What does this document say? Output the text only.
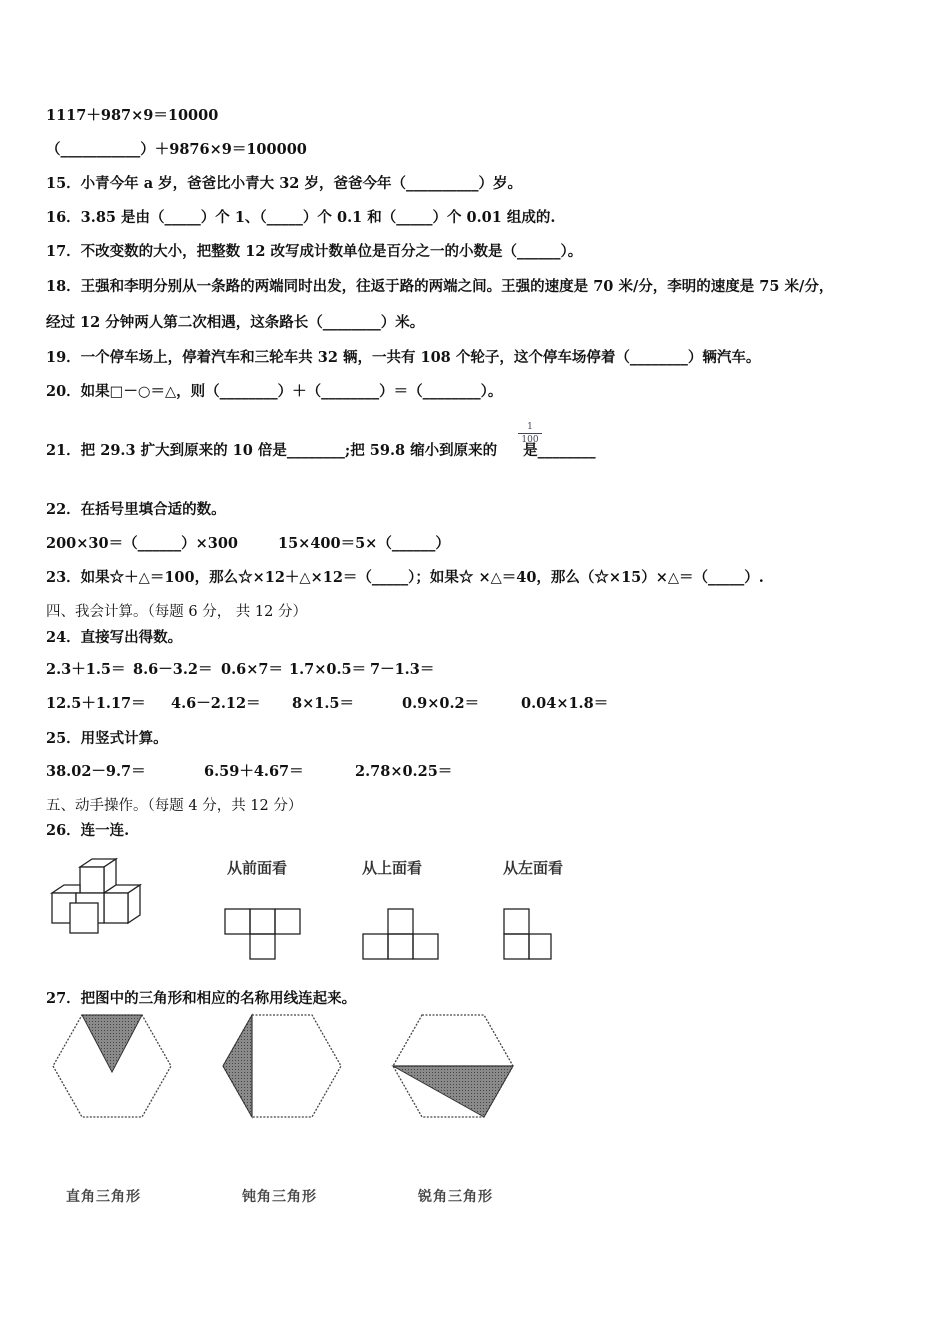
1117＋987×9＝10000
（___________）＋9876×9＝100000
15．小青今年 a 岁，爸爸比小青大 32 岁，爸爸今年（__________）岁。
16．3.85 是由（_____）个 1、（_____）个 0.1 和（_____）个 0.01 组成的.
17．不改变数的大小，把整数 12 改写成计数单位是百分之一的小数是（______）。
18．王强和李明分别从一条路的两端同时出发，往返于路的两端之间。王强的速度是 70 米/分，李明的速度是 75 米/分，
经过 12 分钟两人第二次相遇，这条路长（________）米。
19．一个停车场上，停着汽车和三轮车共 32 辆，一共有 108 个轮子，这个停车场停着（________）辆汽车。
20．如果□－○＝△，则（________）＋（________）＝（________）。
21．把 29.3 扩大到原来的 10 倍是________;把 59.8 缩小到原来的 是________
1
100
22．在括号里填合适的数。
200×30＝（______）×300	15×400＝5×（______）
23．如果☆＋△＝100，那么☆×12＋△×12＝（_____）；如果☆ ×△＝40，那么（☆×15）×△＝（_____）.
四、我会计算。（每题 6 分， 共 12 分）
24．直接写出得数。
2.3＋1.5＝ 8.6－3.2＝ 0.6×7＝ 1.7×0.5＝ 7－1.3＝
12.5＋1.17＝ 4.6－2.12＝ 8×1.5＝	0.9×0.2＝	0.04×1.8＝
25．用竖式计算。
38.02－9.7＝	6.59＋4.67＝	2.78×0.25＝
五、动手操作。（每题 4 分，共 12 分）
26．连一连.
从前面看	从上面看	从左面看
27．把图中的三角形和相应的名称用线连起来。
直角三角形	钝角三角形	锐角三角形
